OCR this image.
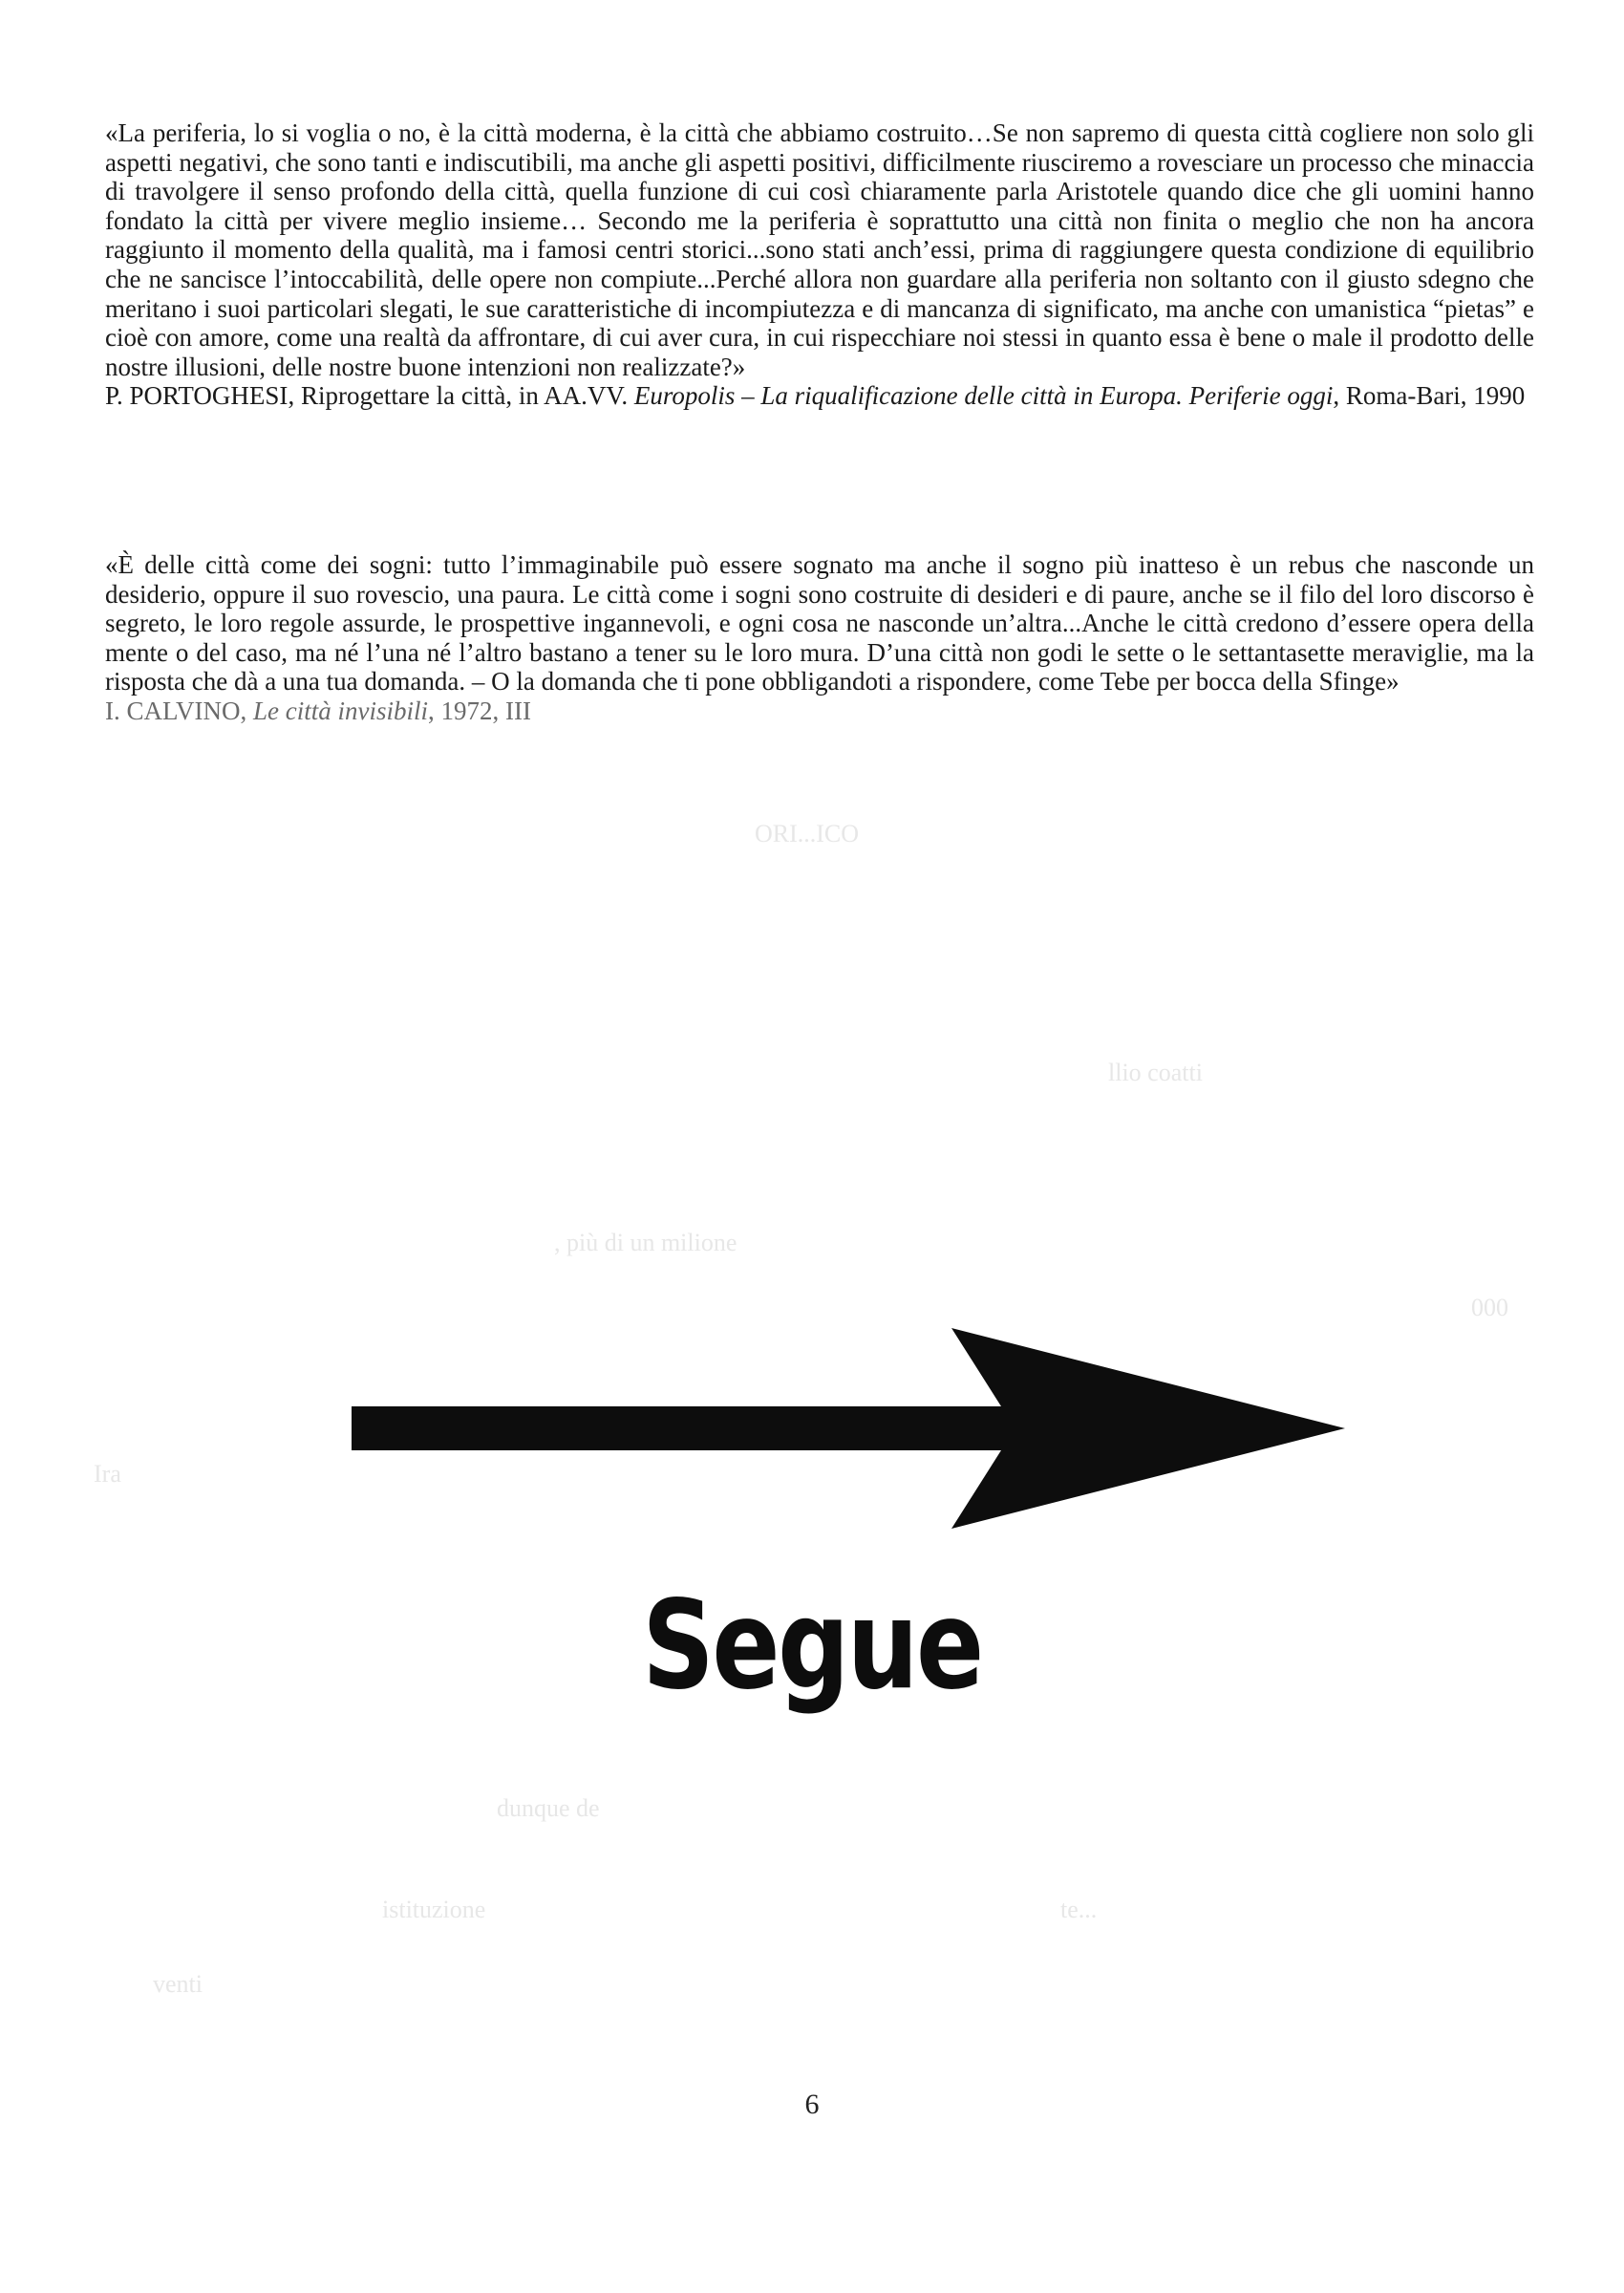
ORI...ICO
llio coatti
, più di un milione
000
Ira
dunque de
istituzione	te...
venti

«La periferia, lo si voglia o no, è la città moderna, è la città che abbiamo costruito…Se non sapremo di questa città cogliere non solo gli aspetti negativi, che sono tanti e indiscutibili, ma anche gli aspetti positivi, difficilmente riusciremo a rovesciare un processo che minaccia di travolgere il senso profondo della città, quella funzione di cui così chiaramente parla Aristotele quando dice che gli uomini hanno fondato la città per vivere meglio insieme… Secondo me la periferia è soprattutto una città non finita o meglio che non ha ancora raggiunto il momento della qualità, ma i famosi centri storici...sono stati anch’essi, prima di raggiungere questa condizione di equilibrio che ne sancisce l’intoccabilità, delle opere non compiute...Perché allora non guardare alla periferia non soltanto con il giusto sdegno che meritano i suoi particolari slegati, le sue caratteristiche di incompiutezza e di mancanza di significato, ma anche con umanistica “pietas” e cioè con amore, come una realtà da affrontare, di cui aver cura, in cui rispecchiare noi stessi in quanto essa è bene o male il prodotto delle nostre illusioni, delle nostre buone intenzioni non realizzate?»

P. PORTOGHESI, Riprogettare la città, in AA.VV. Europolis – La riqualificazione delle città in Europa. Periferie oggi, Roma-Bari, 1990

«È delle città come dei sogni: tutto l’immaginabile può essere sognato ma anche il sogno più inatteso è un rebus che nasconde un desiderio, oppure il suo rovescio, una paura. Le città come i sogni sono costruite di desideri e di paure, anche se il filo del loro discorso è segreto, le loro regole assurde, le prospettive ingannevoli, e ogni cosa ne nasconde un’altra...Anche le città credono d’essere opera della mente o del caso, ma né l’una né l’altro bastano a tener su le loro mura. D’una città non godi le sette o le settantasette meraviglie, ma la risposta che dà a una tua domanda. – O la domanda che ti pone obbligandoti a rispondere, come Tebe per bocca della Sfinge»

I. CALVINO, Le città invisibili, 1972, III

Segue
6
